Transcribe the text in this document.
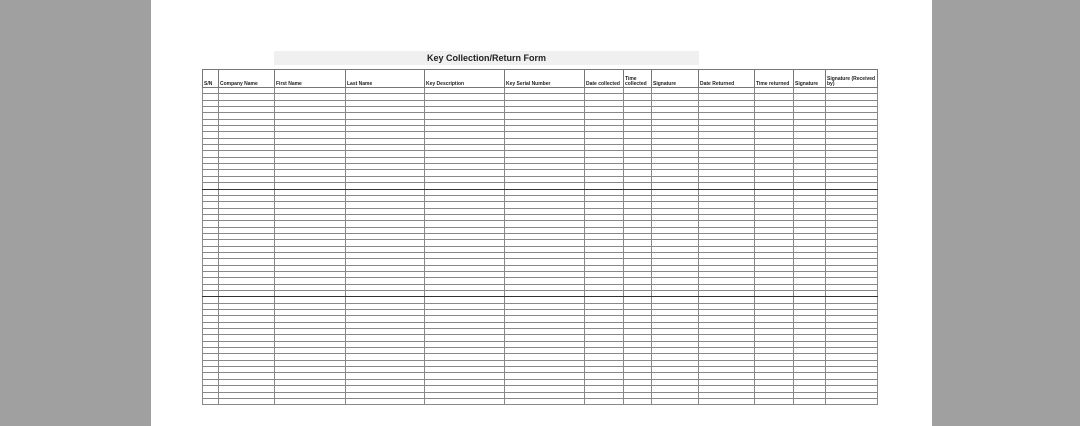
Key Collection/Return Form
S/N	Company Name	First Name	Last Name	Key Description	Key Serial Number	Date collected	Time collected	Signature	Date Returned	Time returned	Signature	Signature (Received by)
